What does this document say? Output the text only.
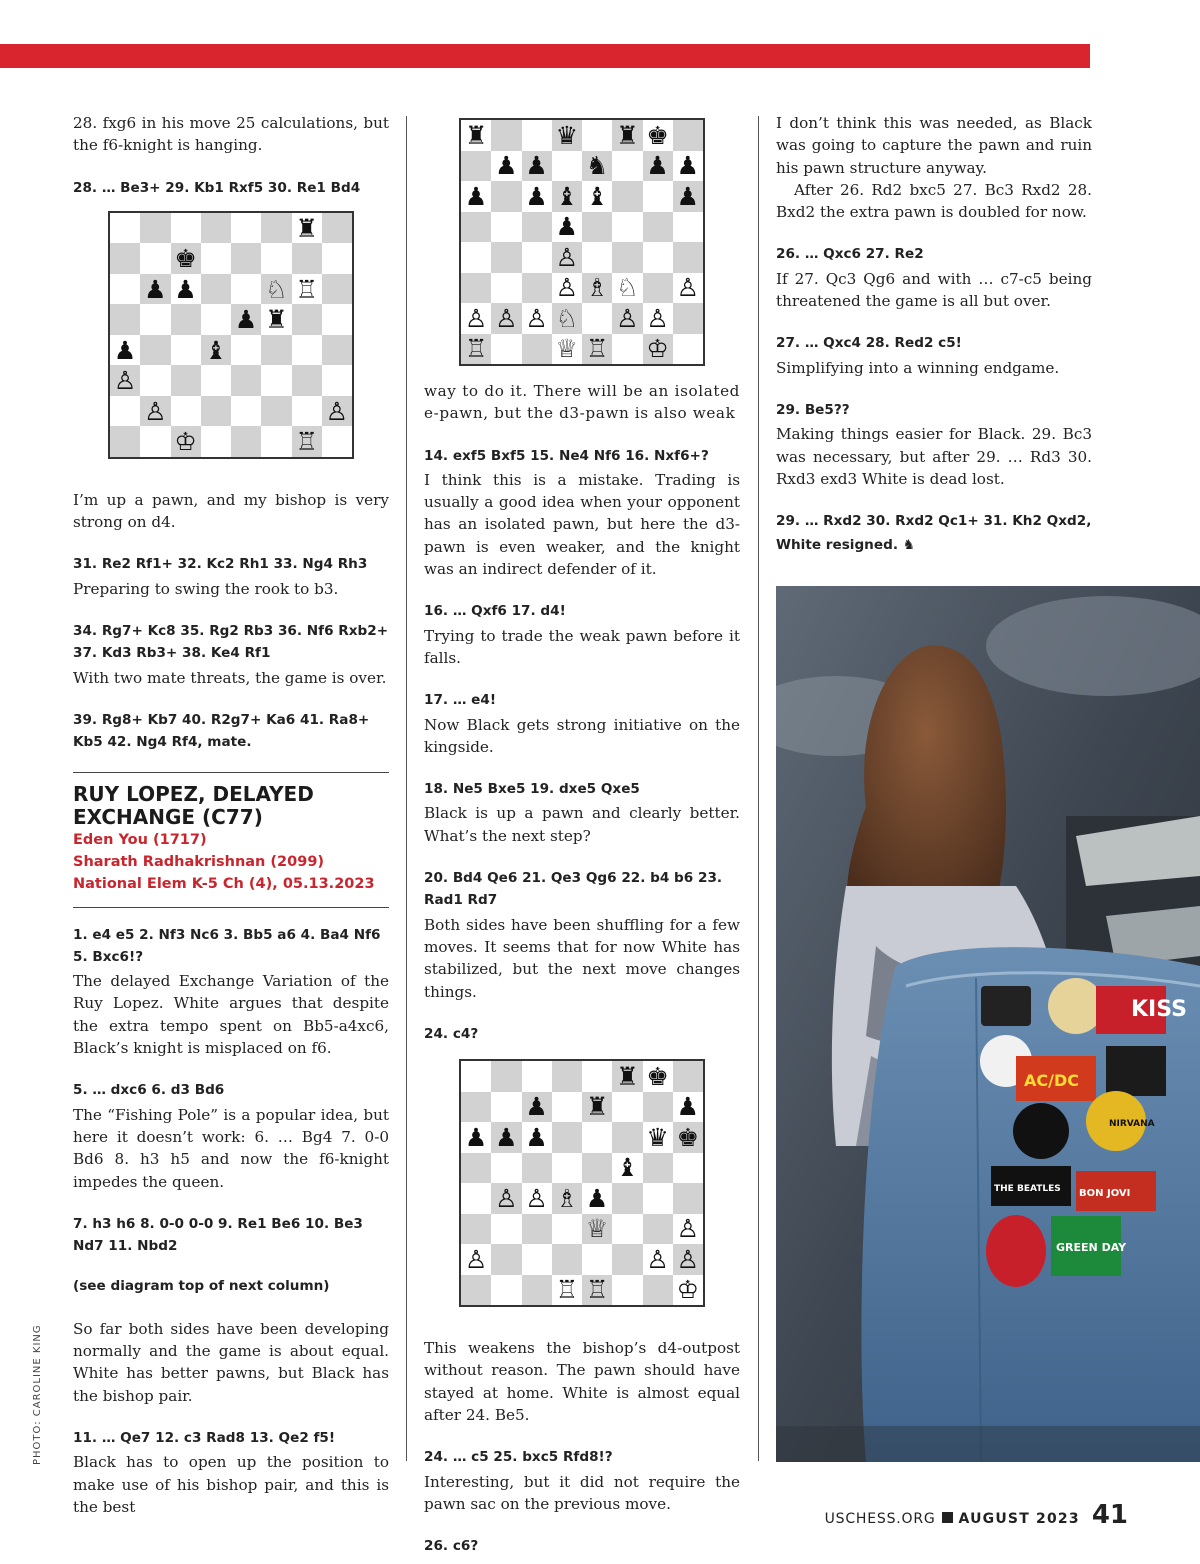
28. fxg6 in his move 25 calculations, but the f6-knight is hanging.

28. … Be3+ 29. Kb1 Rxf5 30. Re1 Bd4

♜
♚
♟ ♟	♘ ♖
♟ ♜
♟	♝
♙
♙	♙
♔	♖

I’m up a pawn, and my bishop is very strong on d4.

31. Re2 Rf1+ 32. Kc2 Rh1 33. Ng4 Rh3

Preparing to swing the rook to b3.

34. Rg7+ Kc8 35. Rg2 Rb3 36. Nf6 Rxb2+ 37. Kd3 Rb3+ 38. Ke4 Rf1

With two mate threats, the game is over.

39. Rg8+ Kb7 40. R2g7+ Ka6 41. Ra8+ Kb5 42. Ng4 Rf4, mate.

RUY LOPEZ, DELAYED EXCHANGE (C77)

Eden You (1717)

Sharath Radhakrishnan (2099)

National Elem K-5 Ch (4), 05.13.2023

1. e4 e5 2. Nf3 Nc6 3. Bb5 a6 4. Ba4 Nf6 5. Bxc6!?

The delayed Exchange Variation of the Ruy Lopez. White argues that despite the extra tempo spent on Bb5-a4xc6, Black’s knight is misplaced on f6.

5. … dxc6 6. d3 Bd6

The “Fishing Pole” is a popular idea, but here it doesn’t work: 6. … Bg4 7. 0-0 Bd6 8. h3 h5 and now the f6-knight impedes the queen.

7. h3 h6 8. 0-0 0-0 9. Re1 Be6 10. Be3 Nd7 11. Nbd2

(see diagram top of next column)

So far both sides have been developing normally and the game is about equal. White has better pawns, but Black has the bishop pair.

11. … Qe7 12. c3 Rad8 13. Qe2 f5!

Black has to open up the position to make use of his bishop pair, and this is the best

♜	♛ ♜ ♚
♟ ♟ ♞ ♟ ♟
♟ ♟ ♝ ♝	♟
♟
♙
♙ ♗ ♘ ♙
♙ ♙ ♙ ♘ ♙ ♙
♖	♕ ♖ ♔

way to do it. There will be an isolated e-pawn, but the d3-pawn is also weak

14. exf5 Bxf5 15. Ne4 Nf6 16. Nxf6+?

I think this is a mistake. Trading is usually a good idea when your opponent has an isolated pawn, but here the d3-pawn is even weaker, and the knight was an indirect defender of it.

16. … Qxf6 17. d4!

Trying to trade the weak pawn before it falls.

17. … e4!

Now Black gets strong initiative on the kingside.

18. Ne5 Bxe5 19. dxe5 Qxe5

Black is up a pawn and clearly better. What’s the next step?

20. Bd4 Qe6 21. Qe3 Qg6 22. b4 b6 23. Rad1 Rd7

Both sides have been shuffling for a few moves. It seems that for now White has stabilized, but the next move changes things.

24. c4?

♜ ♚
♟ ♜	♟
♟ ♟ ♟	♛ ♚
♝
♙ ♙ ♗ ♟
♕	♙
♙	♙ ♙
♖ ♖	♔

This weakens the bishop’s d4-outpost without reason. The pawn should have stayed at home. White is almost equal after 24. Be5.

24. … c5 25. bxc5 Rfd8!?

Interesting, but it did not require the pawn sac on the previous move.

26. c6?

I don’t think this was needed, as Black was going to capture the pawn and ruin his pawn structure anyway.

After 26. Rd2 bxc5 27. Bc3 Rxd2 28. Bxd2 the extra pawn is doubled for now.

26. … Qxc6 27. Re2

If 27. Qc3 Qg6 and with … c7-c5 being threatened the game is all but over.

27. … Qxc4 28. Red2 c5!

Simplifying into a winning endgame.

29. Be5??

Making things easier for Black. 29. Bc3 was necessary, but after 29. … Rd3 30. Rxd3 exd3 White is dead lost.

29. … Rxd2 30. Rxd2 Qc1+ 31. Kh2 Qxd2,

White resigned. ♞

KISS
AC/DC
NIRVANA
THE BEATLES BON JOVI
GREEN DAY
PHOTO: CAROLINE KING
USCHESS.ORG AUGUST 2023 41
